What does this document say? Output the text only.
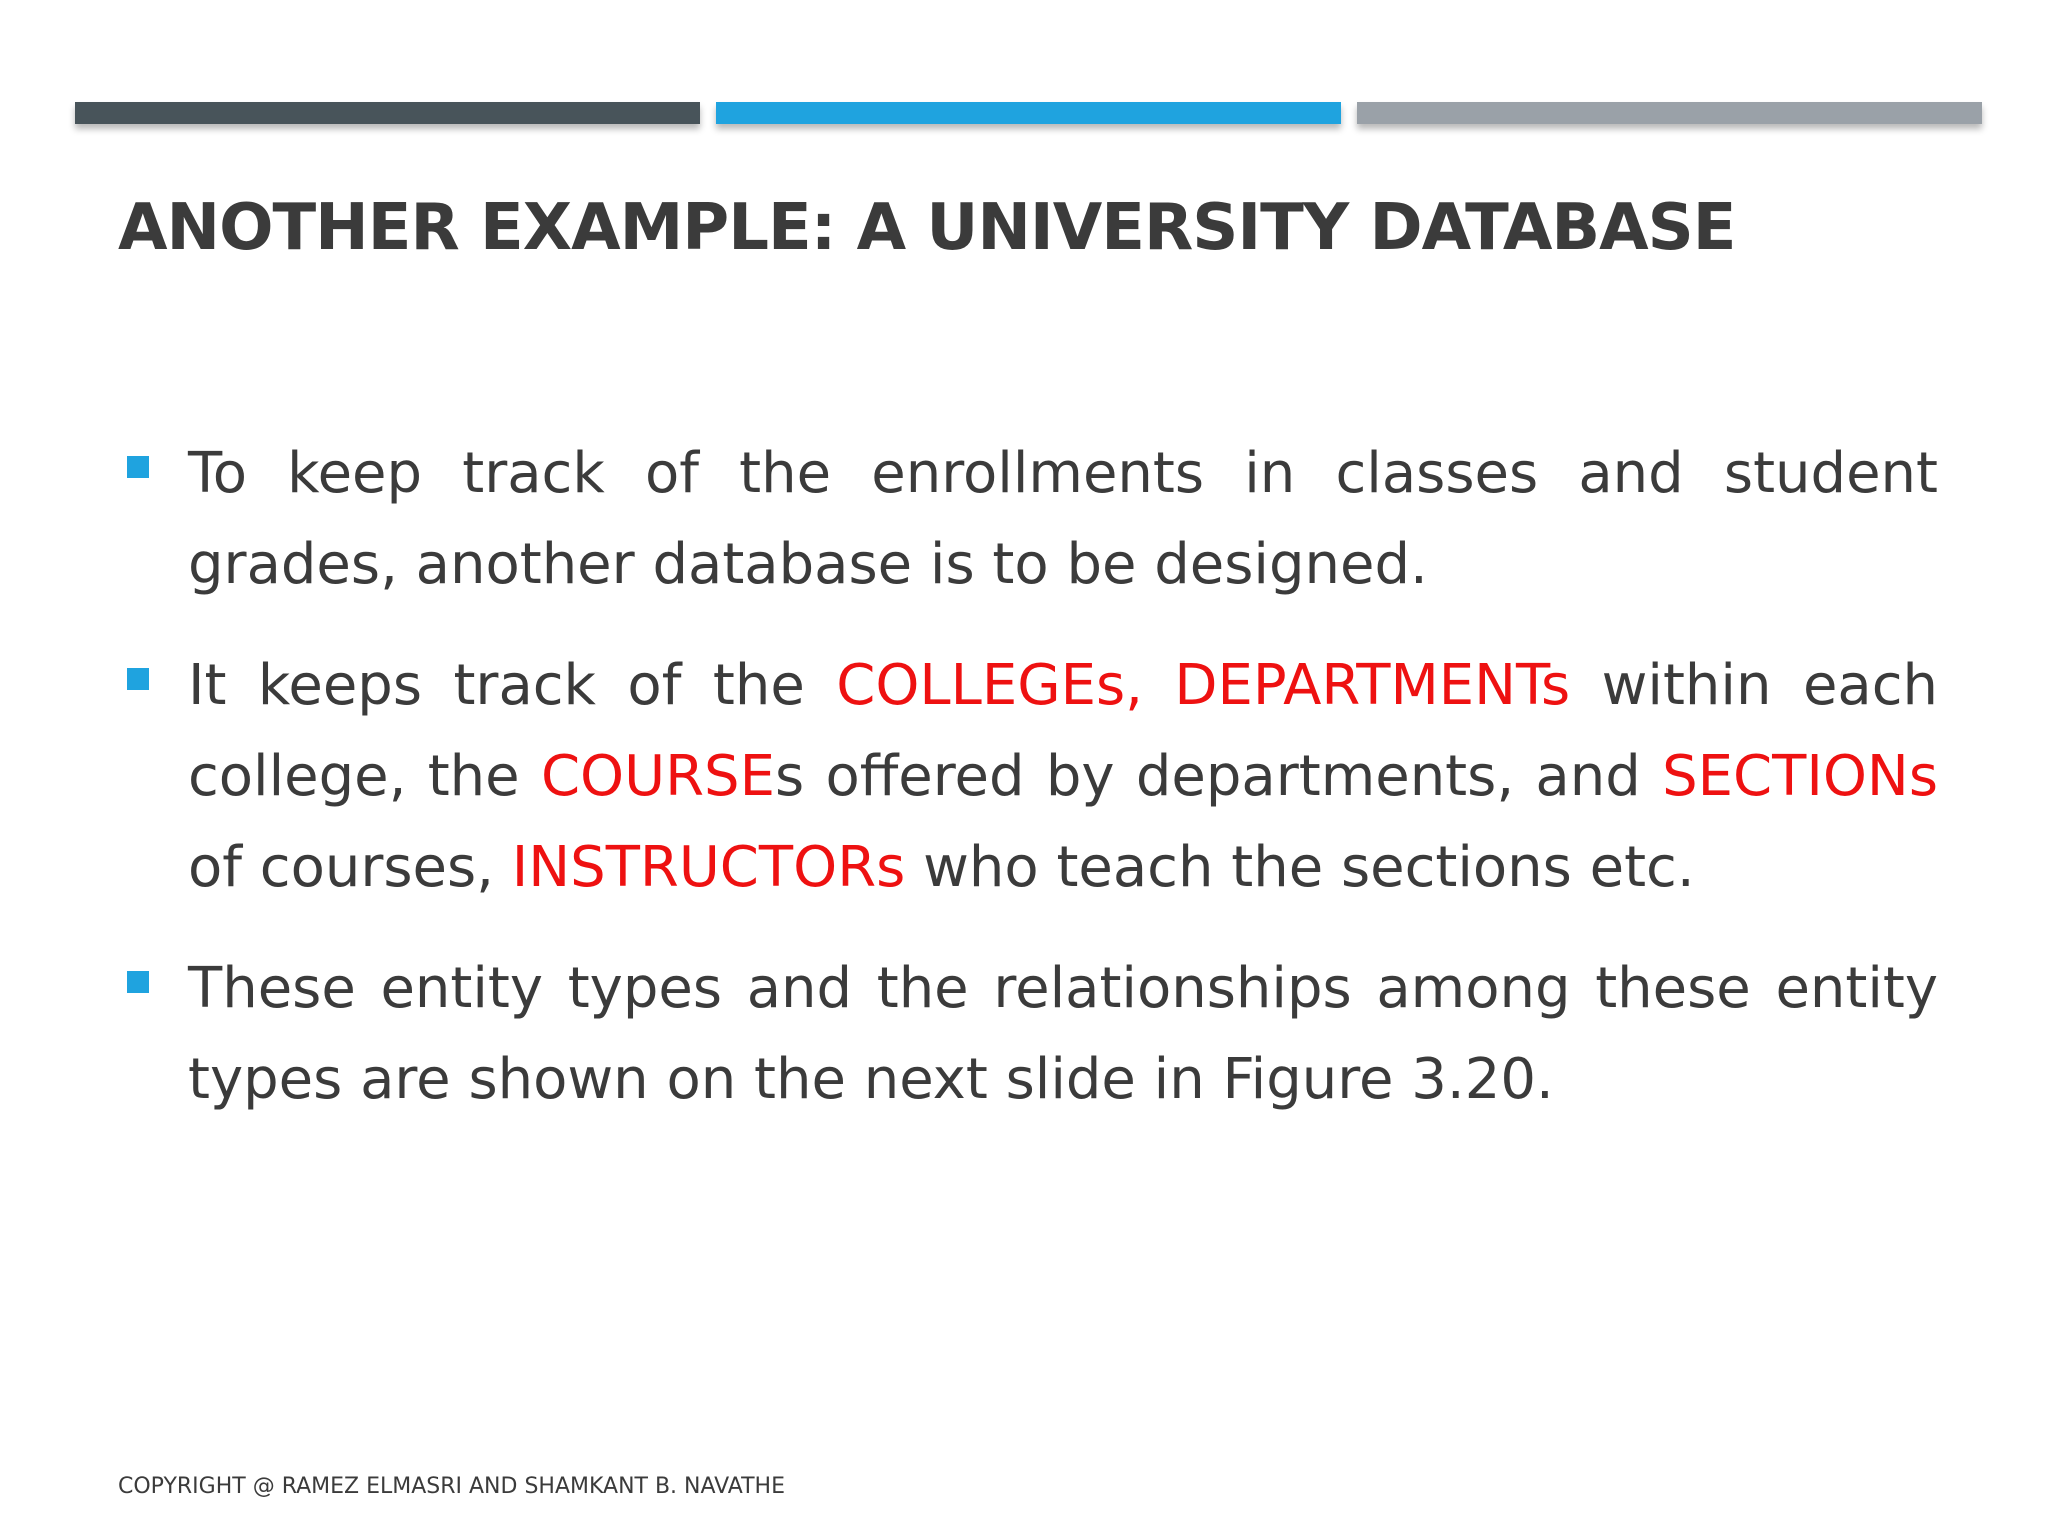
ANOTHER EXAMPLE: A UNIVERSITY DATABASE
To keep track of the enrollments in classes and student grades, another database is to be designed.
It keeps track of the COLLEGEs, DEPARTMENTs within each college, the COURSEs offered by departments, and SECTIONs of courses, INSTRUCTORs who teach the sections etc.
These entity types and the relationships among these entity types are shown on the next slide in Figure 3.20.

COPYRIGHT @ RAMEZ ELMASRI AND SHAMKANT B. NAVATHE
